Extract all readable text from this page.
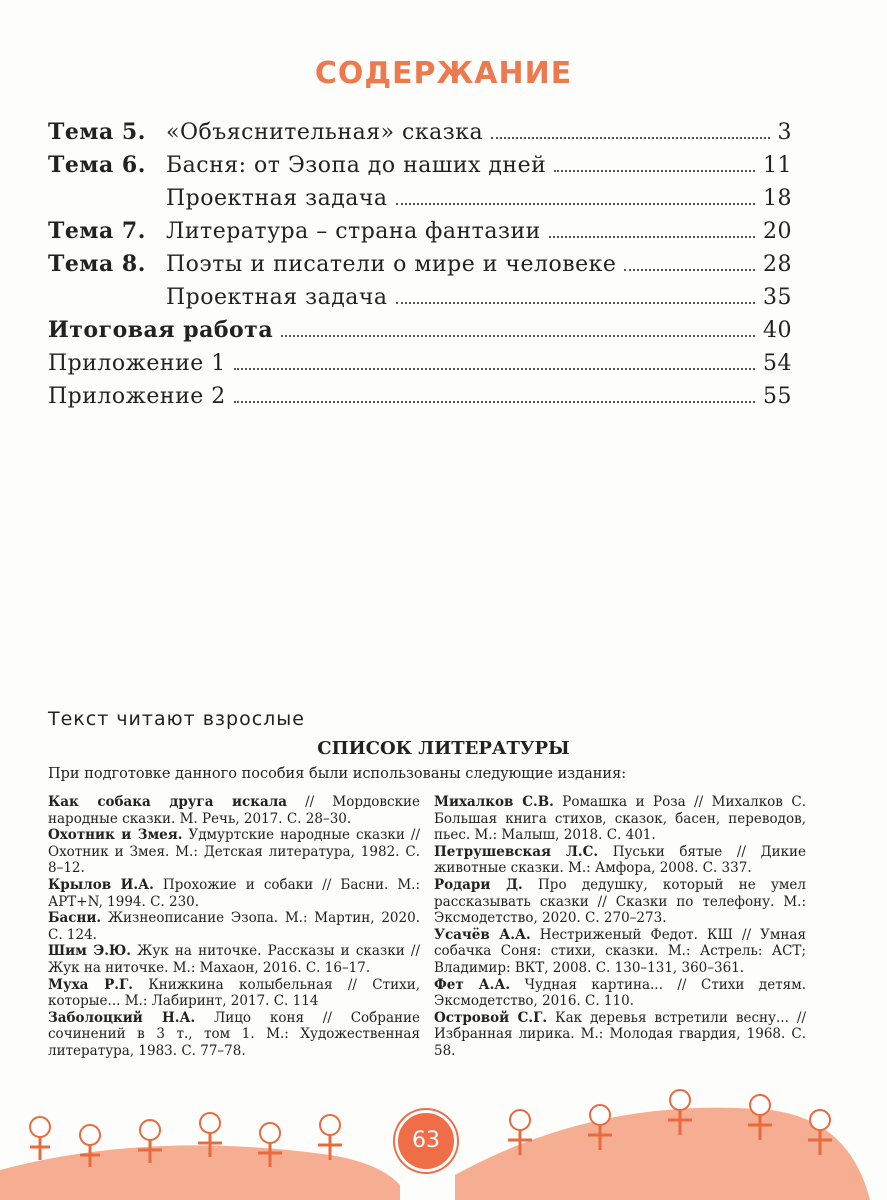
СОДЕРЖАНИЕ
Тема 5. «Объяснительная» сказка	3
Тема 6. Басня: от Эзопа до наших дней	11
Проектная задача	18
Тема 7. Литература – страна фантазии	20
Тема 8. Поэты и писатели о мире и человеке	28
Проектная задача	35
Итоговая работа	40
Приложение 1	54
Приложение 2	55
Текст читают взрослые
СПИСОК ЛИТЕРАТУРЫ
При подготовке данного пособия были использованы следующие издания:
Как собака друга искала // Мордовские народные сказки. М. Речь, 2017. С. 28–30.
Охотник и Змея. Удмуртские народные сказки // Охотник и Змея. М.: Детская литература, 1982. С. 8–12.
Крылов И.А. Прохожие и собаки // Басни. М.: АРТ+N, 1994. С. 230.
Басни. Жизнеописание Эзопа. М.: Мартин, 2020. С. 124.
Шим Э.Ю. Жук на ниточке. Рассказы и сказки // Жук на ниточке. М.: Махаон, 2016. С. 16–17.
Муха Р.Г. Книжкина колыбельная // Стихи, которые... М.: Лабиринт, 2017. С. 114
Заболоцкий Н.А. Лицо коня // Собрание сочинений в 3 т., том 1. М.: Художественная литература, 1983. С. 77–78.
Михалков С.В. Ромашка и Роза // Михалков С. Большая книга стихов, сказок, басен, переводов, пьес. М.: Малыш, 2018. С. 401.
Петрушевская Л.С. Пуськи бятые // Дикие животные сказки. М.: Амфора, 2008. С. 337.
Родари Д. Про дедушку, который не умел рассказывать сказки // Сказки по телефону. М.: Эксмодетство, 2020. С. 270–273.
Усачёв А.А. Нестриженый Федот. КШ // Умная собачка Соня: стихи, сказки. М.: Астрель: АСТ; Владимир: ВКТ, 2008. С. 130–131, 360–361.
Фет А.А. Чудная картина... // Стихи детям. Эксмодетство, 2016. С. 110.
Островой С.Г. Как деревья встретили весну... // Избранная лирика. М.: Молодая гвардия, 1968. С. 58.
63
